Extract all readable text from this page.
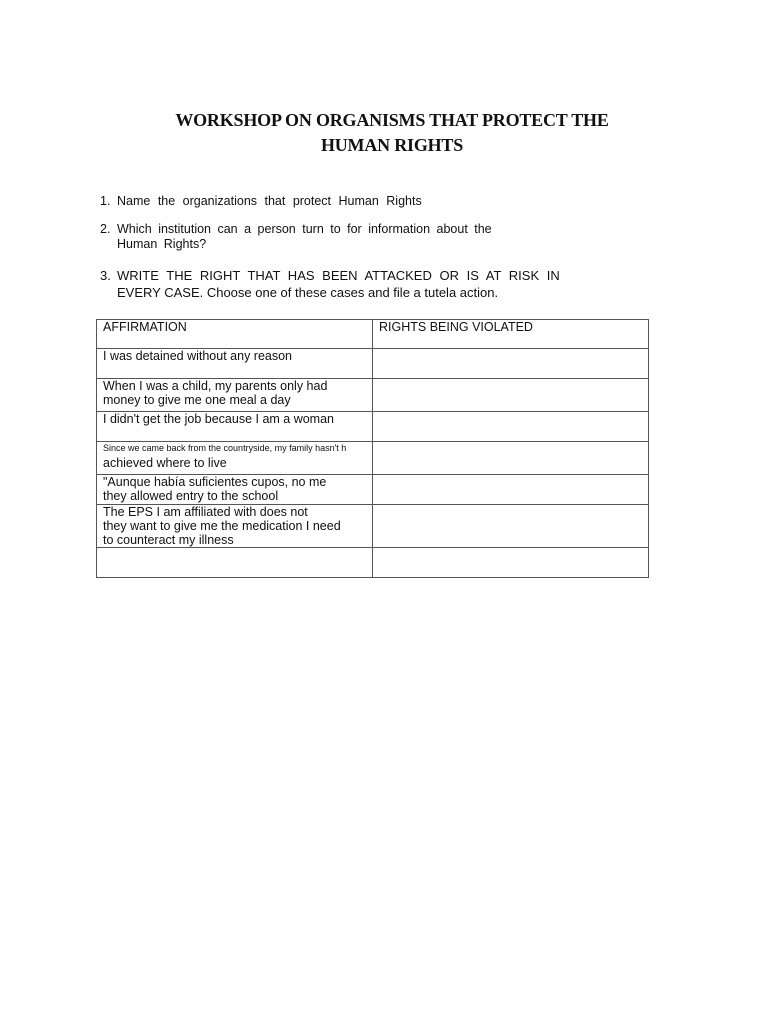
WORKSHOP ON ORGANISMS THAT PROTECT THE
HUMAN RIGHTS

1. Name the organizations that protect Human Rights

2. Which institution can a person turn to for information about the
Human Rights?

3. WRITE THE RIGHT THAT HAS BEEN ATTACKED OR IS AT RISK IN
EVERY CASE. Choose one of these cases and file a tutela action.

AFFIRMATION	RIGHTS BEING VIOLATED

I was detained without any reason	

When I was a child, my parents only had
money to give me one meal a day	

I didn't get the job because I am a woman	

Since we came back from the countryside, my family hasn't h
achieved where to live	

"Aunque había suficientes cupos, no me
they allowed entry to the school	

The EPS I am affiliated with does not
they want to give me the medication I need
to counteract my illness	
